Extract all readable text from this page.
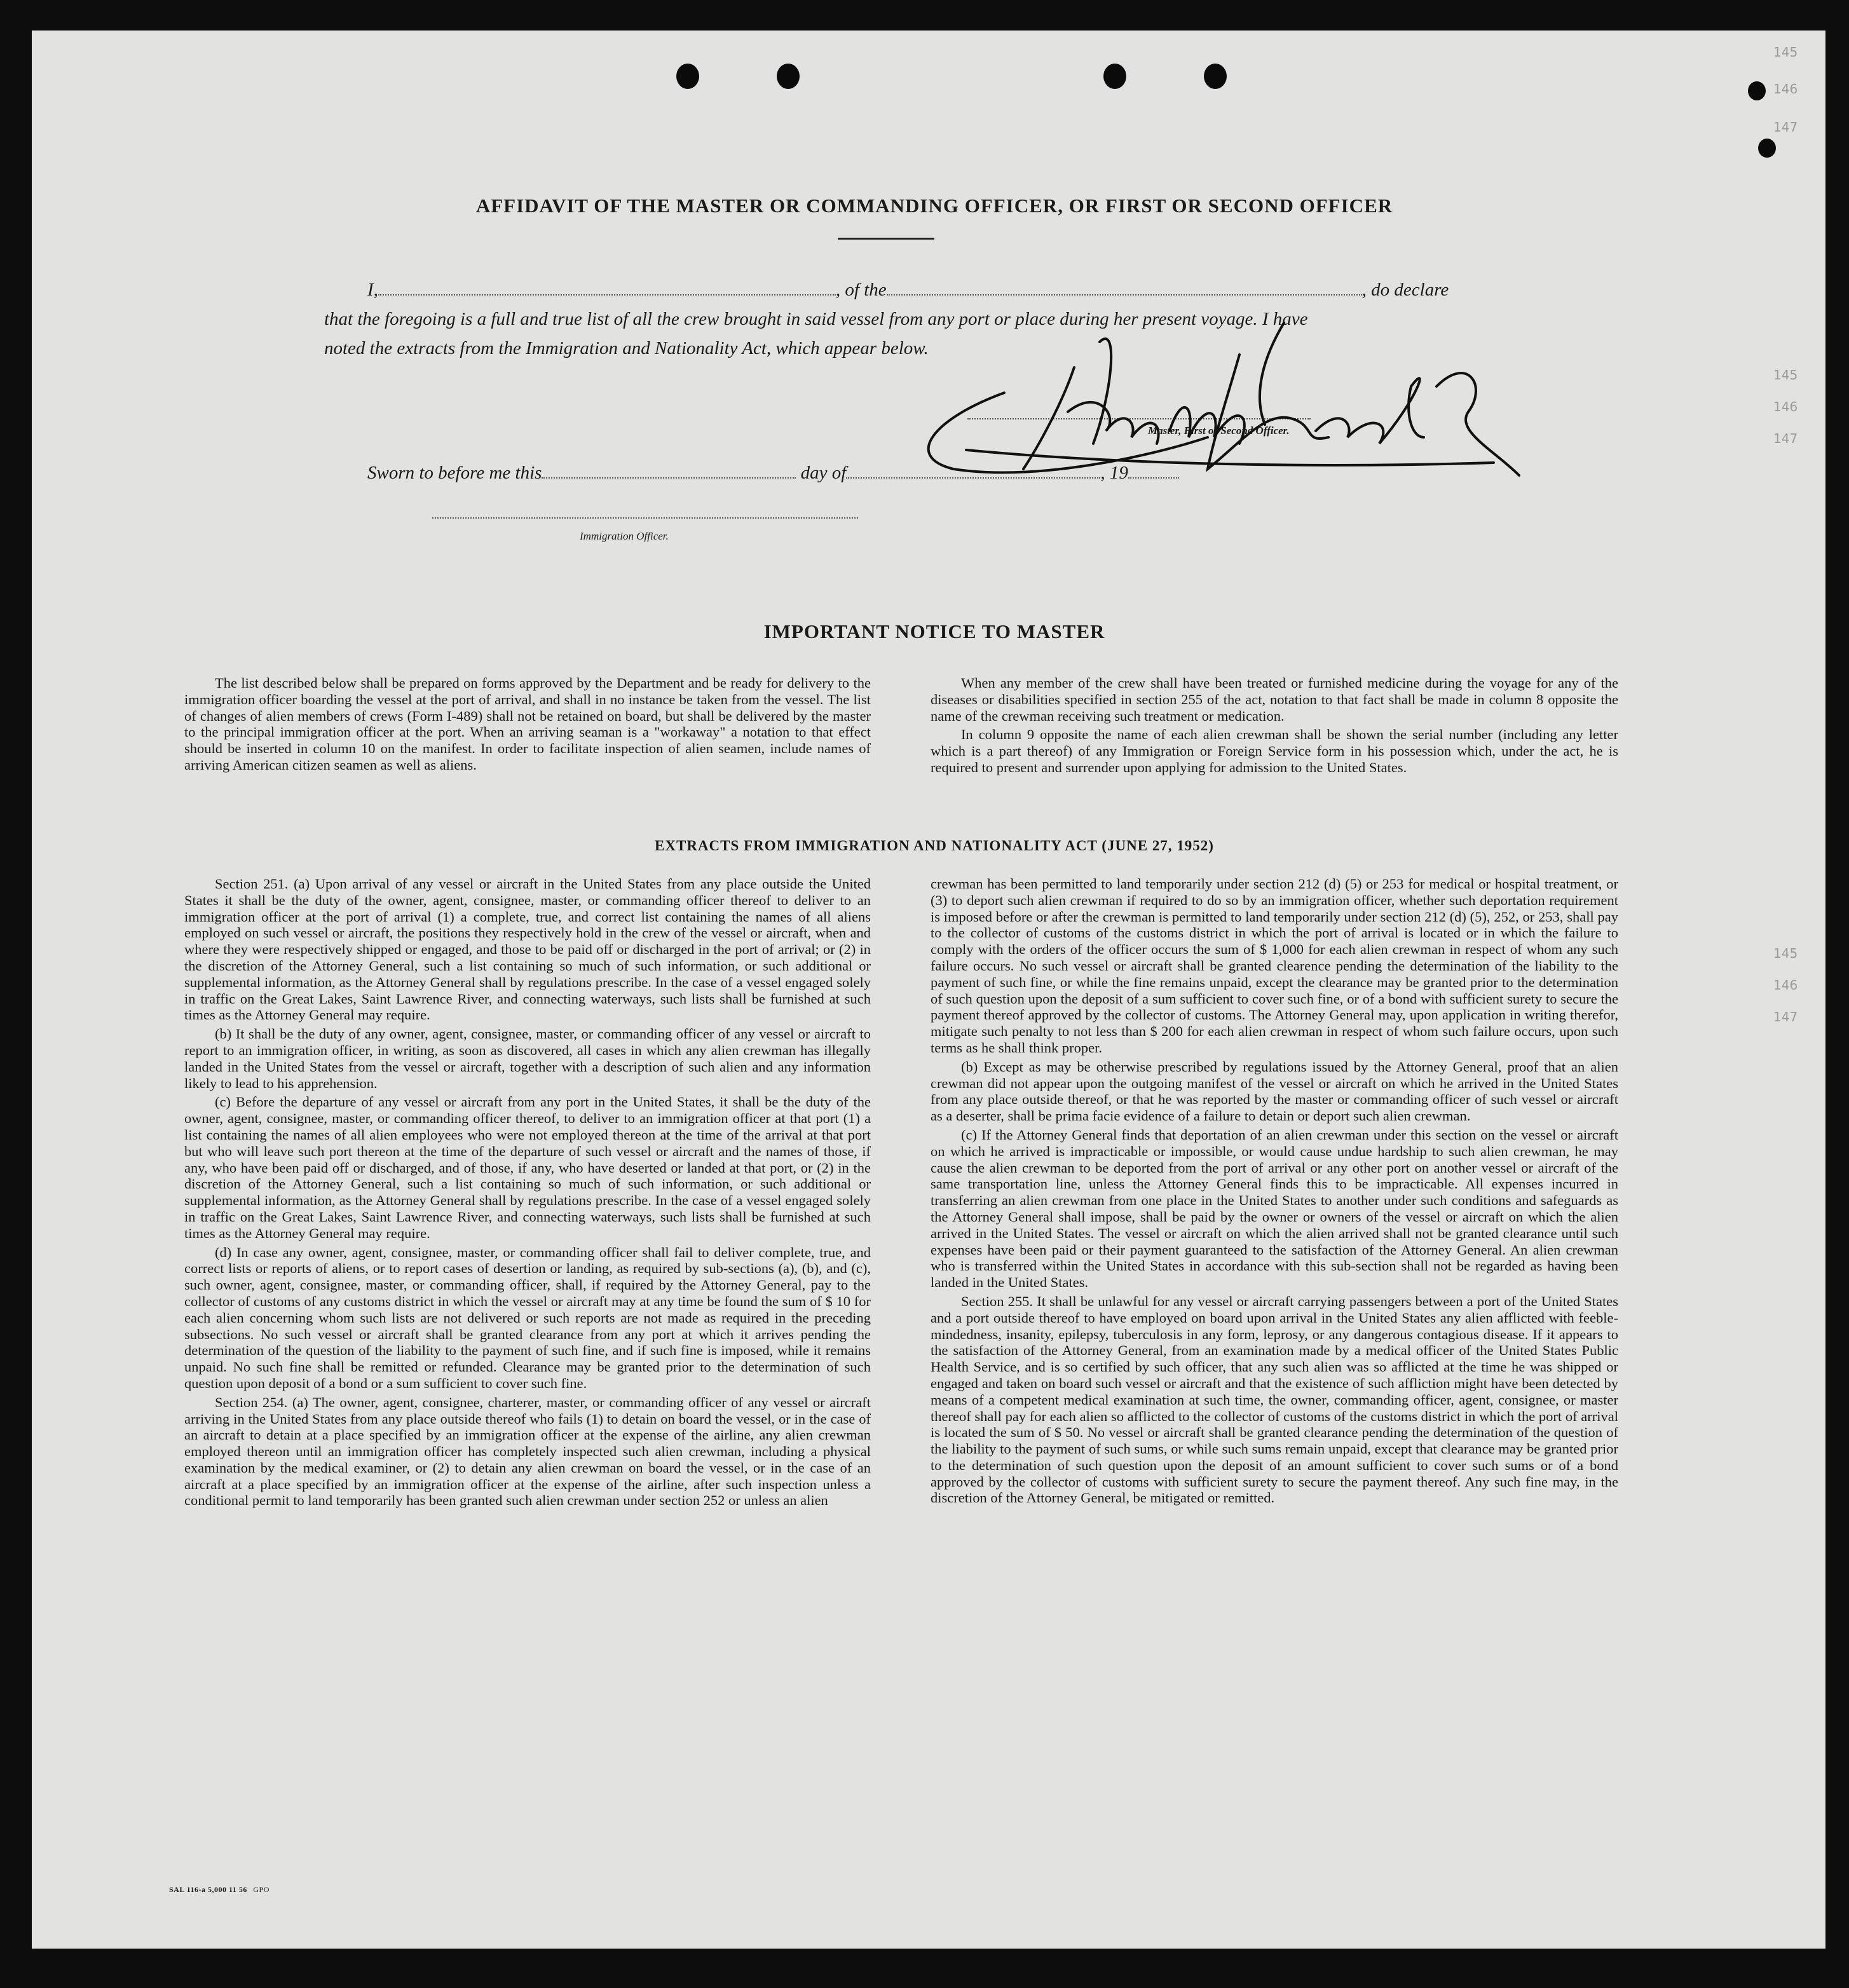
145
146
147
145
146
147
145
146
147
AFFIDAVIT OF THE MASTER OR COMMANDING OFFICER, OR FIRST OR SECOND OFFICER
I,	, of the	, do declare
that the foregoing is a full and true list of all the crew brought in said vessel from any port or place during her present voyage. I have
noted the extracts from the Immigration and Nationality Act, which appear below.
Master, First or Second Officer.
Sworn to before me this	day of	, 19
Immigration Officer.
IMPORTANT NOTICE TO MASTER

The list described below shall be prepared on forms approved by the Department and be ready for delivery to the immigration officer boarding the vessel at the port of arrival, and shall in no instance be taken from the vessel. The list of changes of alien members of crews (Form I-489) shall not be retained on board, but shall be delivered by the master to the principal immigration officer at the port. When an arriving seaman is a "workaway" a notation to that effect should be inserted in column 10 on the manifest. In order to facilitate inspection of alien seamen, include names of arriving American citizen seamen as well as aliens.

When any member of the crew shall have been treated or furnished medicine during the voyage for any of the diseases or disabilities specified in section 255 of the act, notation to that fact shall be made in column 8 opposite the name of the crewman receiving such treatment or medication.

In column 9 opposite the name of each alien crewman shall be shown the serial number (including any letter which is a part thereof) of any Immigration or Foreign Service form in his possession which, under the act, he is required to present and surrender upon applying for admission to the United States.

EXTRACTS FROM IMMIGRATION AND NATIONALITY ACT (JUNE 27, 1952)

Section 251. (a) Upon arrival of any vessel or aircraft in the United States from any place outside the United States it shall be the duty of the owner, agent, consignee, master, or commanding officer thereof to deliver to an immigration officer at the port of arrival (1) a complete, true, and correct list containing the names of all aliens employed on such vessel or aircraft, the positions they respectively hold in the crew of the vessel or aircraft, when and where they were respectively shipped or engaged, and those to be paid off or discharged in the port of arrival; or (2) in the discretion of the Attorney General, such a list containing so much of such information, or such additional or supplemental information, as the Attorney General shall by regulations prescribe. In the case of a vessel engaged solely in traffic on the Great Lakes, Saint Lawrence River, and connecting waterways, such lists shall be furnished at such times as the Attorney General may require.

(b) It shall be the duty of any owner, agent, consignee, master, or commanding officer of any vessel or aircraft to report to an immigration officer, in writing, as soon as discovered, all cases in which any alien crewman has illegally landed in the United States from the vessel or aircraft, together with a description of such alien and any information likely to lead to his apprehension.

(c) Before the departure of any vessel or aircraft from any port in the United States, it shall be the duty of the owner, agent, consignee, master, or commanding officer thereof, to deliver to an immigration officer at that port (1) a list containing the names of all alien employees who were not employed thereon at the time of the arrival at that port but who will leave such port thereon at the time of the departure of such vessel or aircraft and the names of those, if any, who have been paid off or discharged, and of those, if any, who have deserted or landed at that port, or (2) in the discretion of the Attorney General, such a list containing so much of such information, or such additional or supplemental information, as the Attorney General shall by regulations prescribe. In the case of a vessel engaged solely in traffic on the Great Lakes, Saint Lawrence River, and connecting waterways, such lists shall be furnished at such times as the Attorney General may require.

(d) In case any owner, agent, consignee, master, or commanding officer shall fail to deliver complete, true, and correct lists or reports of aliens, or to report cases of desertion or landing, as required by sub-sections (a), (b), and (c), such owner, agent, consignee, master, or commanding officer, shall, if required by the Attorney General, pay to the collector of customs of any customs district in which the vessel or aircraft may at any time be found the sum of $ 10 for each alien concerning whom such lists are not delivered or such reports are not made as required in the preceding subsections. No such vessel or aircraft shall be granted clearance from any port at which it arrives pending the determination of the question of the liability to the payment of such fine, and if such fine is imposed, while it remains unpaid. No such fine shall be remitted or refunded. Clearance may be granted prior to the determination of such question upon deposit of a bond or a sum sufficient to cover such fine.

Section 254. (a) The owner, agent, consignee, charterer, master, or commanding officer of any vessel or aircraft arriving in the United States from any place outside thereof who fails (1) to detain on board the vessel, or in the case of an aircraft to detain at a place specified by an immigration officer at the expense of the airline, any alien crewman employed thereon until an immigration officer has completely inspected such alien crewman, including a physical examination by the medical examiner, or (2) to detain any alien crewman on board the vessel, or in the case of an aircraft at a place specified by an immigration officer at the expense of the airline, after such inspection unless a conditional permit to land temporarily has been granted such alien crewman under section 252 or unless an alien

crewman has been permitted to land temporarily under section 212 (d) (5) or 253 for medical or hospital treatment, or (3) to deport such alien crewman if required to do so by an immigration officer, whether such deportation requirement is imposed before or after the crewman is permitted to land temporarily under section 212 (d) (5), 252, or 253, shall pay to the collector of customs of the customs district in which the port of arrival is located or in which the failure to comply with the orders of the officer occurs the sum of $ 1,000 for each alien crewman in respect of whom any such failure occurs. No such vessel or aircraft shall be granted clearence pending the determination of the liability to the payment of such fine, or while the fine remains unpaid, except the clearance may be granted prior to the determination of such question upon the deposit of a sum sufficient to cover such fine, or of a bond with sufficient surety to secure the payment thereof approved by the collector of customs. The Attorney General may, upon application in writing therefor, mitigate such penalty to not less than $ 200 for each alien crewman in respect of whom such failure occurs, upon such terms as he shall think proper.

(b) Except as may be otherwise prescribed by regulations issued by the Attorney General, proof that an alien crewman did not appear upon the outgoing manifest of the vessel or aircraft on which he arrived in the United States from any place outside thereof, or that he was reported by the master or commanding officer of such vessel or aircraft as a deserter, shall be prima facie evidence of a failure to detain or deport such alien crewman.

(c) If the Attorney General finds that deportation of an alien crewman under this section on the vessel or aircraft on which he arrived is impracticable or impossible, or would cause undue hardship to such alien crewman, he may cause the alien crewman to be deported from the port of arrival or any other port on another vessel or aircraft of the same transportation line, unless the Attorney General finds this to be impracticable. All expenses incurred in transferring an alien crewman from one place in the United States to another under such conditions and safeguards as the Attorney General shall impose, shall be paid by the owner or owners of the vessel or aircraft on which the alien arrived in the United States. The vessel or aircraft on which the alien arrived shall not be granted clearance until such expenses have been paid or their payment guaranteed to the satisfaction of the Attorney General. An alien crewman who is transferred within the United States in accordance with this sub-section shall not be regarded as having been landed in the United States.

Section 255. It shall be unlawful for any vessel or aircraft carrying passengers between a port of the United States and a port outside thereof to have employed on board upon arrival in the United States any alien afflicted with feeble-mindedness, insanity, epilepsy, tuberculosis in any form, leprosy, or any dangerous contagious disease. If it appears to the satisfaction of the Attorney General, from an examination made by a medical officer of the United States Public Health Service, and is so certified by such officer, that any such alien was so afflicted at the time he was shipped or engaged and taken on board such vessel or aircraft and that the existence of such affliction might have been detected by means of a competent medical examination at such time, the owner, commanding officer, agent, consignee, or master thereof shall pay for each alien so afflicted to the collector of customs of the customs district in which the port of arrival is located the sum of $ 50. No vessel or aircraft shall be granted clearance pending the determination of the question of the liability to the payment of such sums, or while such sums remain unpaid, except that clearance may be granted prior to the determination of such question upon the deposit of an amount sufficient to cover such sums or of a bond approved by the collector of customs with sufficient surety to secure the payment thereof. Any such fine may, in the discretion of the Attorney General, be mitigated or remitted.

SAL 116-a 5,000 11 56 GPO
